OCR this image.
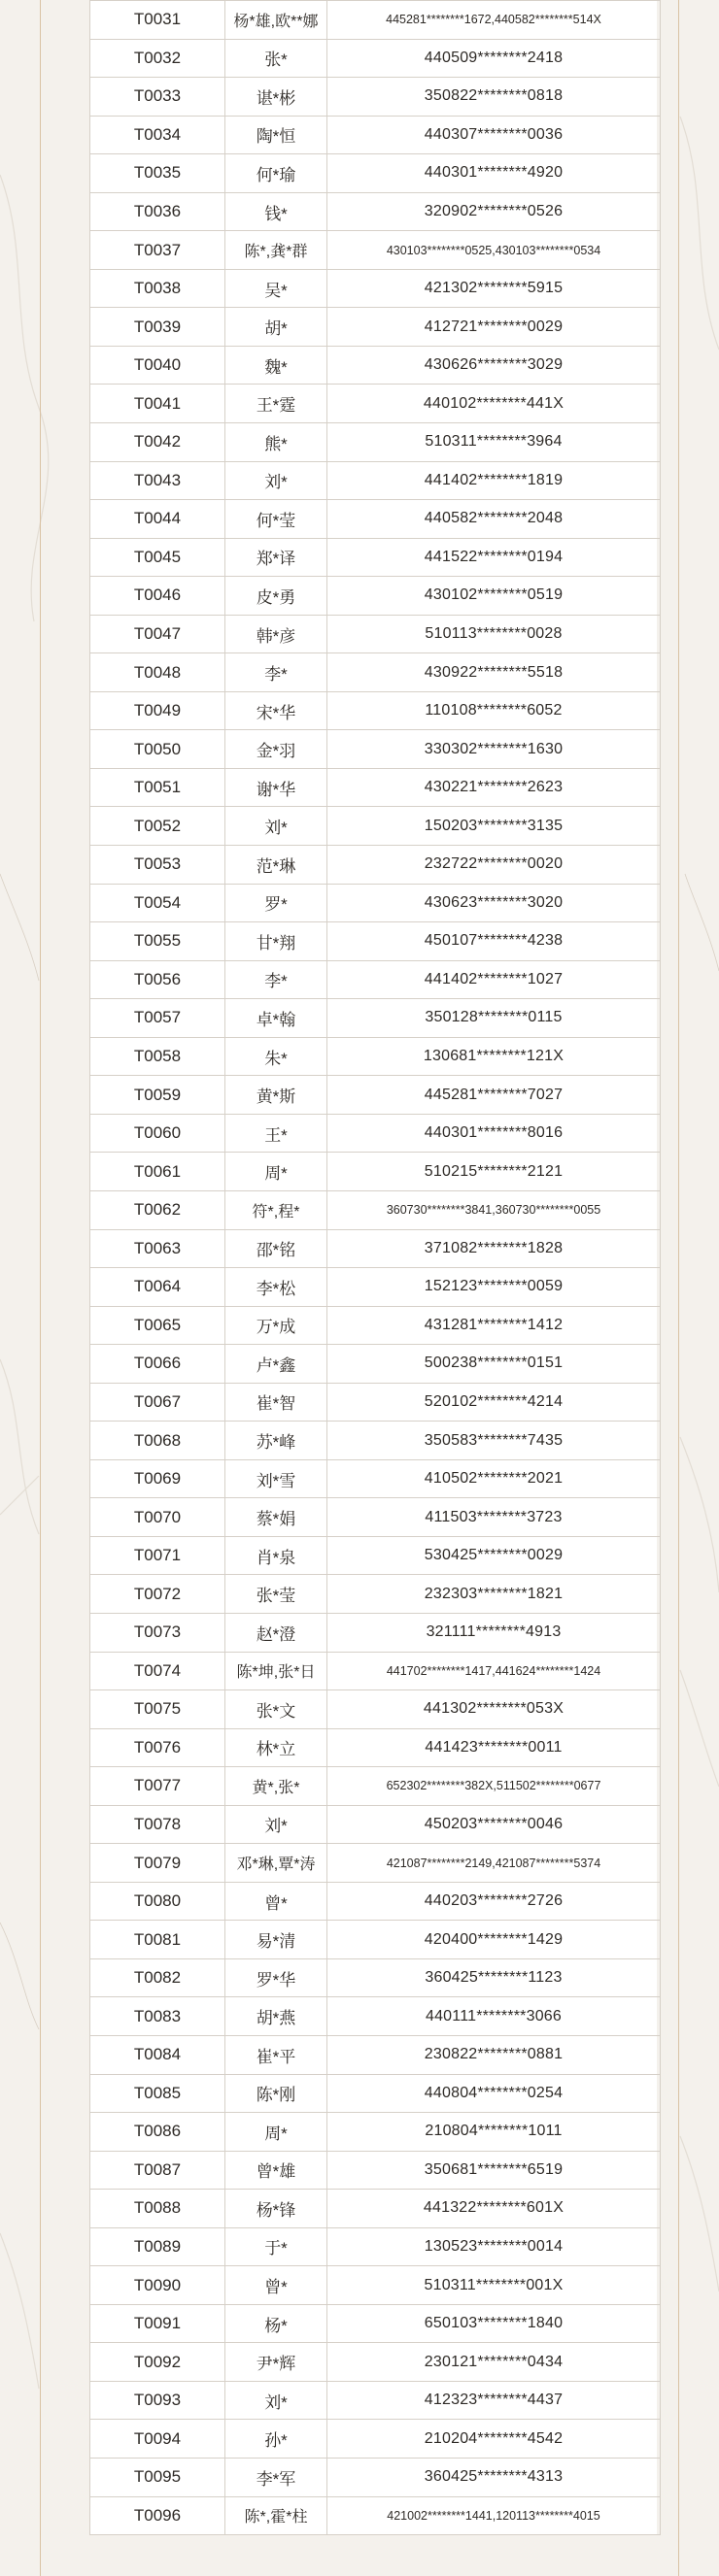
T0031	杨*雄,欧**娜	445281********1672,440582********514X
T0032	张*	440509********2418
T0033	谌*彬	350822********0818
T0034	陶*恒	440307********0036
T0035	何*瑜	440301********4920
T0036	钱*	320902********0526
T0037	陈*,龚*群	430103********0525,430103********0534
T0038	吴*	421302********5915
T0039	胡*	412721********0029
T0040	魏*	430626********3029
T0041	王*霆	440102********441X
T0042	熊*	510311********3964
T0043	刘*	441402********1819
T0044	何*莹	440582********2048
T0045	郑*译	441522********0194
T0046	皮*勇	430102********0519
T0047	韩*彦	510113********0028
T0048	李*	430922********5518
T0049	宋*华	110108********6052
T0050	金*羽	330302********1630
T0051	谢*华	430221********2623
T0052	刘*	150203********3135
T0053	范*琳	232722********0020
T0054	罗*	430623********3020
T0055	甘*翔	450107********4238
T0056	李*	441402********1027
T0057	卓*翰	350128********0115
T0058	朱*	130681********121X
T0059	黄*斯	445281********7027
T0060	王*	440301********8016
T0061	周*	510215********2121
T0062	符*,程*	360730********3841,360730********0055
T0063	邵*铭	371082********1828
T0064	李*松	152123********0059
T0065	万*成	431281********1412
T0066	卢*鑫	500238********0151
T0067	崔*智	520102********4214
T0068	苏*峰	350583********7435
T0069	刘*雪	410502********2021
T0070	蔡*娟	411503********3723
T0071	肖*泉	530425********0029
T0072	张*莹	232303********1821
T0073	赵*澄	321111********4913
T0074	陈*坤,张*日	441702********1417,441624********1424
T0075	张*文	441302********053X
T0076	林*立	441423********0011
T0077	黄*,张*	652302********382X,511502********0677
T0078	刘*	450203********0046
T0079	邓*琳,覃*涛	421087********2149,421087********5374
T0080	曾*	440203********2726
T0081	易*清	420400********1429
T0082	罗*华	360425********1123
T0083	胡*燕	440111********3066
T0084	崔*平	230822********0881
T0085	陈*刚	440804********0254
T0086	周*	210804********1011
T0087	曾*雄	350681********6519
T0088	杨*锋	441322********601X
T0089	于*	130523********0014
T0090	曾*	510311********001X
T0091	杨*	650103********1840
T0092	尹*辉	230121********0434
T0093	刘*	412323********4437
T0094	孙*	210204********4542
T0095	李*军	360425********4313
T0096	陈*,霍*柱	421002********1441,120113********4015
